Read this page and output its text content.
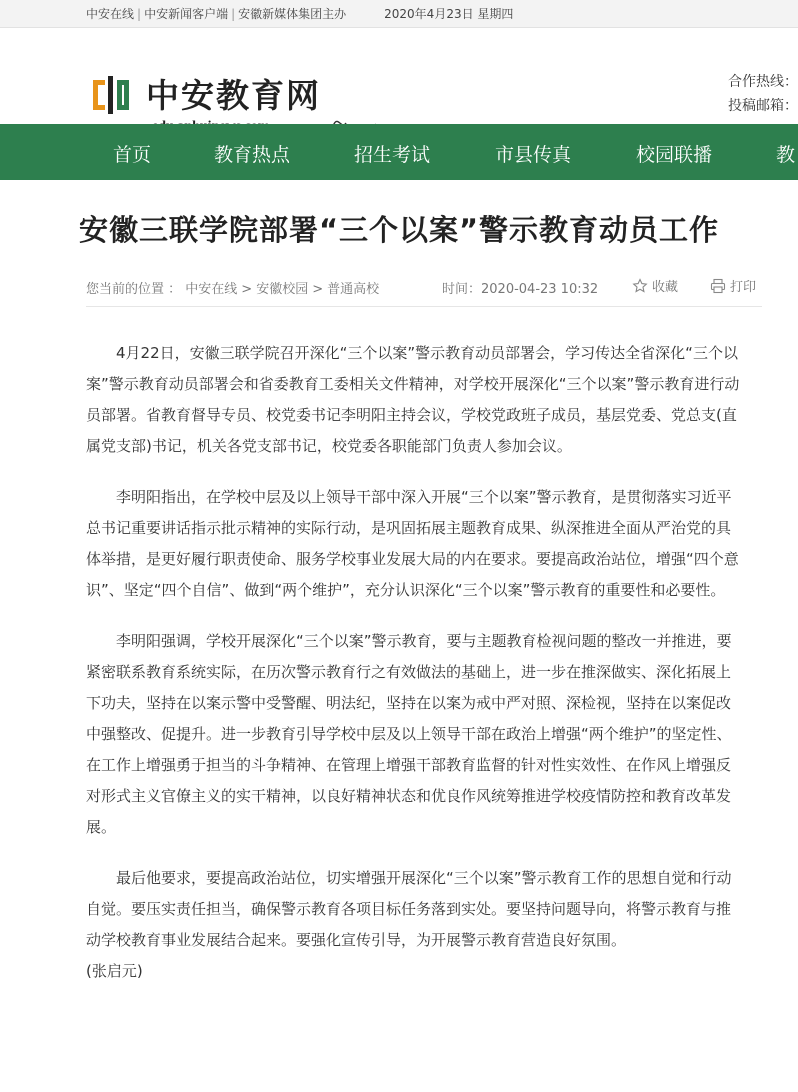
中安在线 | 中安新闻客户端 | 安徽新媒体集团主办	2020年4月23日 星期四
中安教育网	合作热线：
投稿邮箱：
首页	教育热点	招生考试	市县传真	校园联播	教
安徽三联学院部署“三个以案”警示教育动员工作
您当前的位置 ： 中安在线 > 安徽校园 > 普通高校	时间：2020-04-23 10:32	收藏	打印

4月22日，安徽三联学院召开深化“三个以案”警示教育动员部署会，学习传达全省深化“三个以案”警示教育动员部署会和省委教育工委相关文件精神，对学校开展深化“三个以案”警示教育进行动员部署。省教育督导专员、校党委书记李明阳主持会议，学校党政班子成员，基层党委、党总支(直属党支部)书记，机关各党支部书记，校党委各职能部门负责人参加会议。

李明阳指出，在学校中层及以上领导干部中深入开展“三个以案”警示教育，是贯彻落实习近平总书记重要讲话指示批示精神的实际行动，是巩固拓展主题教育成果、纵深推进全面从严治党的具体举措，是更好履行职责使命、服务学校事业发展大局的内在要求。要提高政治站位，增强“四个意识”、坚定“四个自信”、做到“两个维护”，充分认识深化“三个以案”警示教育的重要性和必要性。

李明阳强调，学校开展深化“三个以案”警示教育，要与主题教育检视问题的整改一并推进，要紧密联系教育系统实际，在历次警示教育行之有效做法的基础上，进一步在推深做实、深化拓展上下功夫，坚持在以案示警中受警醒、明法纪，坚持在以案为戒中严对照、深检视，坚持在以案促改中强整改、促提升。进一步教育引导学校中层及以上领导干部在政治上增强“两个维护”的坚定性、在工作上增强勇于担当的斗争精神、在管理上增强干部教育监督的针对性实效性、在作风上增强反对形式主义官僚主义的实干精神，以良好精神状态和优良作风统筹推进学校疫情防控和教育改革发展。

最后他要求，要提高政治站位，切实增强开展深化“三个以案”警示教育工作的思想自觉和行动自觉。要压实责任担当，确保警示教育各项目标任务落到实处。要坚持问题导向，将警示教育与推动学校教育事业发展结合起来。要强化宣传引导，为开展警示教育营造良好氛围。

(张启元)
